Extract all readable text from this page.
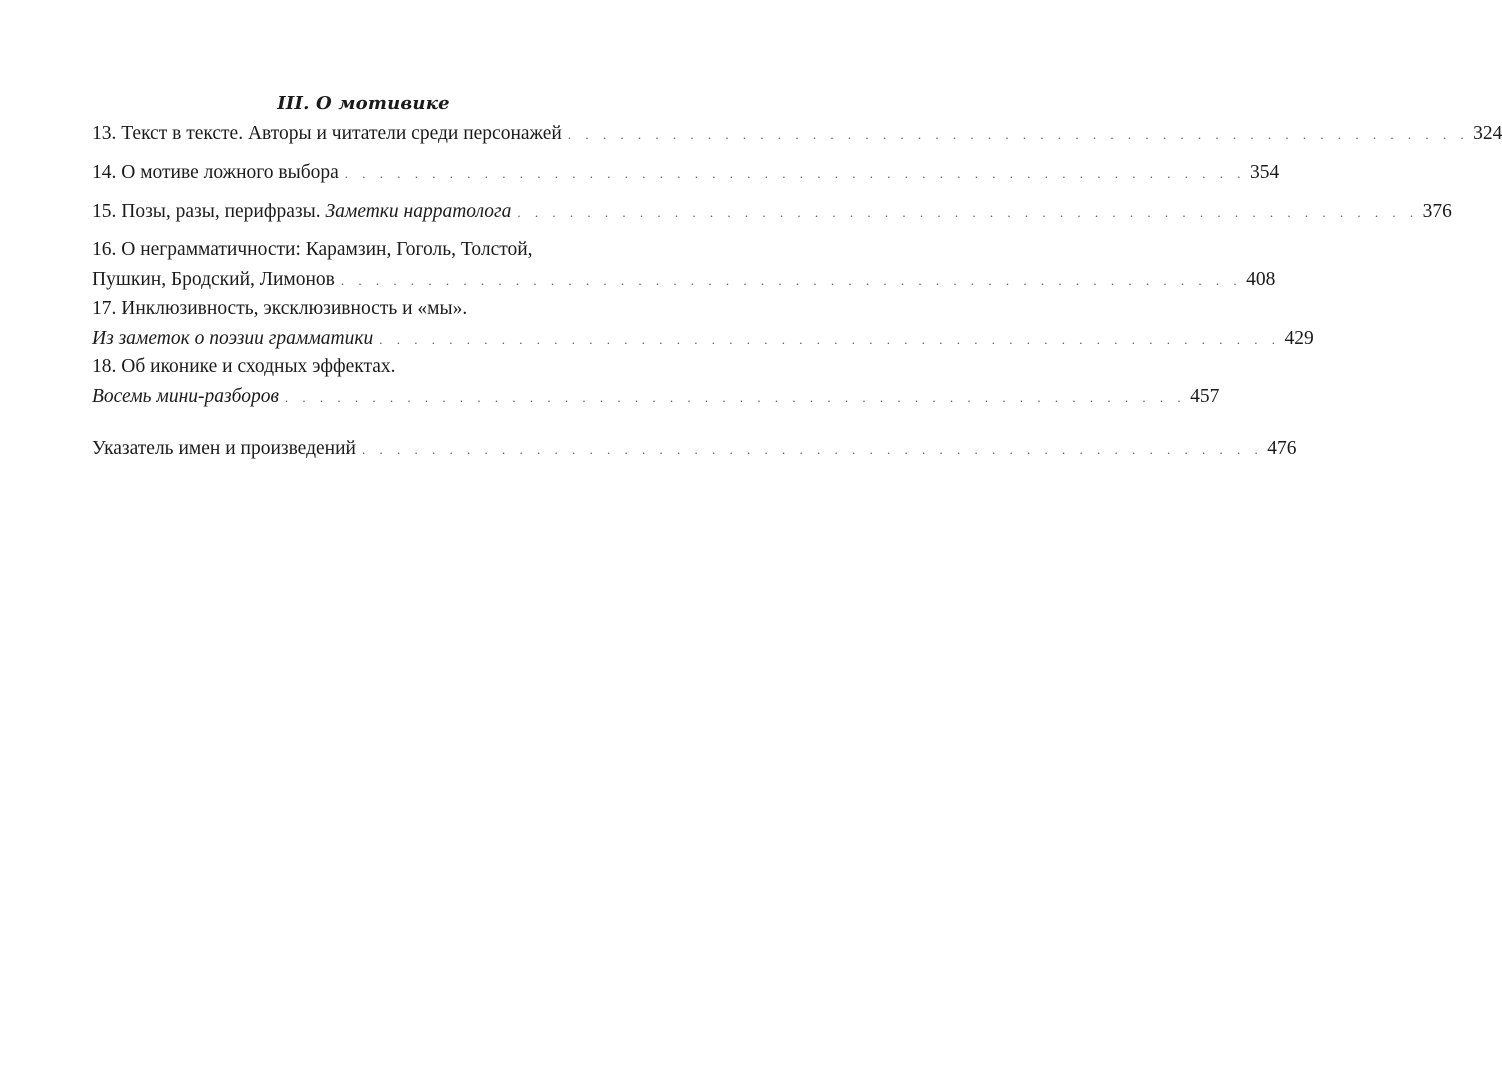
III. О мотивике
13.
Текст в тексте. Авторы и читатели среди персонажей . . . . . . . . . . . . . . . . . . . . . . . . . . . . . . . . . . . . . . . . . . . . . . . . . . . . 324
14.
О мотиве ложного выбора . . . . . . . . . . . . . . . . . . . . . . . . . . . . . . . . . . . . . . . . . . . . . . . . . . . . 354
15.
Позы, разы, перифразы.
Заметки нарратолога . . . . . . . . . . . . . . . . . . . . . . . . . . . . . . . . . . . . . . . . . . . . . . . . . . . . 376
16. О неграмматичности: Карамзин, Гоголь, Толстой,
Пушкин, Бродский, Лимонов . . . . . . . . . . . . . . . . . . . . . . . . . . . . . . . . . . . . . . . . . . . . . . . . . . . . 408
17. Инклюзивность, эксклюзивность и «мы».
Из заметок о поэзии грамматики . . . . . . . . . . . . . . . . . . . . . . . . . . . . . . . . . . . . . . . . . . . . . . . . . . . . 429
18. Об иконике и сходных эффектах.
Восемь мини-разборов . . . . . . . . . . . . . . . . . . . . . . . . . . . . . . . . . . . . . . . . . . . . . . . . . . . . 457
Указатель имен и произведений . . . . . . . . . . . . . . . . . . . . . . . . . . . . . . . . . . . . . . . . . . . . . . . . . . . . 476
